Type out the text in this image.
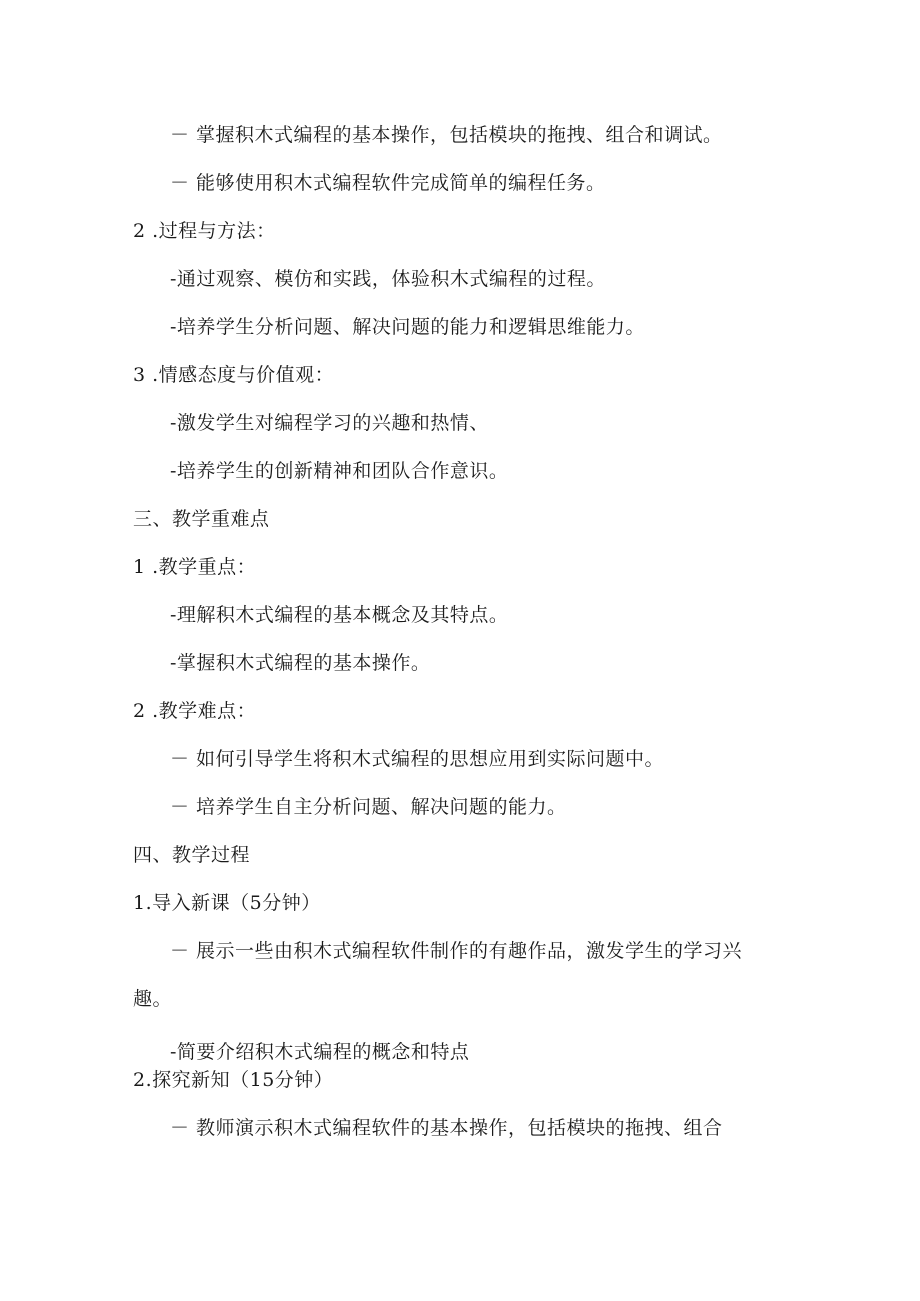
－ 掌握积木式编程的基本操作，包括模块的拖拽、组合和调试。
－ 能够使用积木式编程软件完成简单的编程任务。
2 .过程与方法：
-通过观察、模仿和实践，体验积木式编程的过程。
-培养学生分析问题、解决问题的能力和逻辑思维能力。
3 .情感态度与价值观：
-激发学生对编程学习的兴趣和热情、
-培养学生的创新精神和团队合作意识。
三、教学重难点
1 .教学重点：
-理解积木式编程的基本概念及其特点。
-掌握积木式编程的基本操作。
2 .教学难点：
－ 如何引导学生将积木式编程的思想应用到实际问题中。
－ 培养学生自主分析问题、解决问题的能力。
四、教学过程
1.导入新课（5分钟）
－ 展示一些由积木式编程软件制作的有趣作品，激发学生的学习兴
趣。
-简要介绍积木式编程的概念和特点
2.探究新知（15分钟）
－ 教师演示积木式编程软件的基本操作，包括模块的拖拽、组合
